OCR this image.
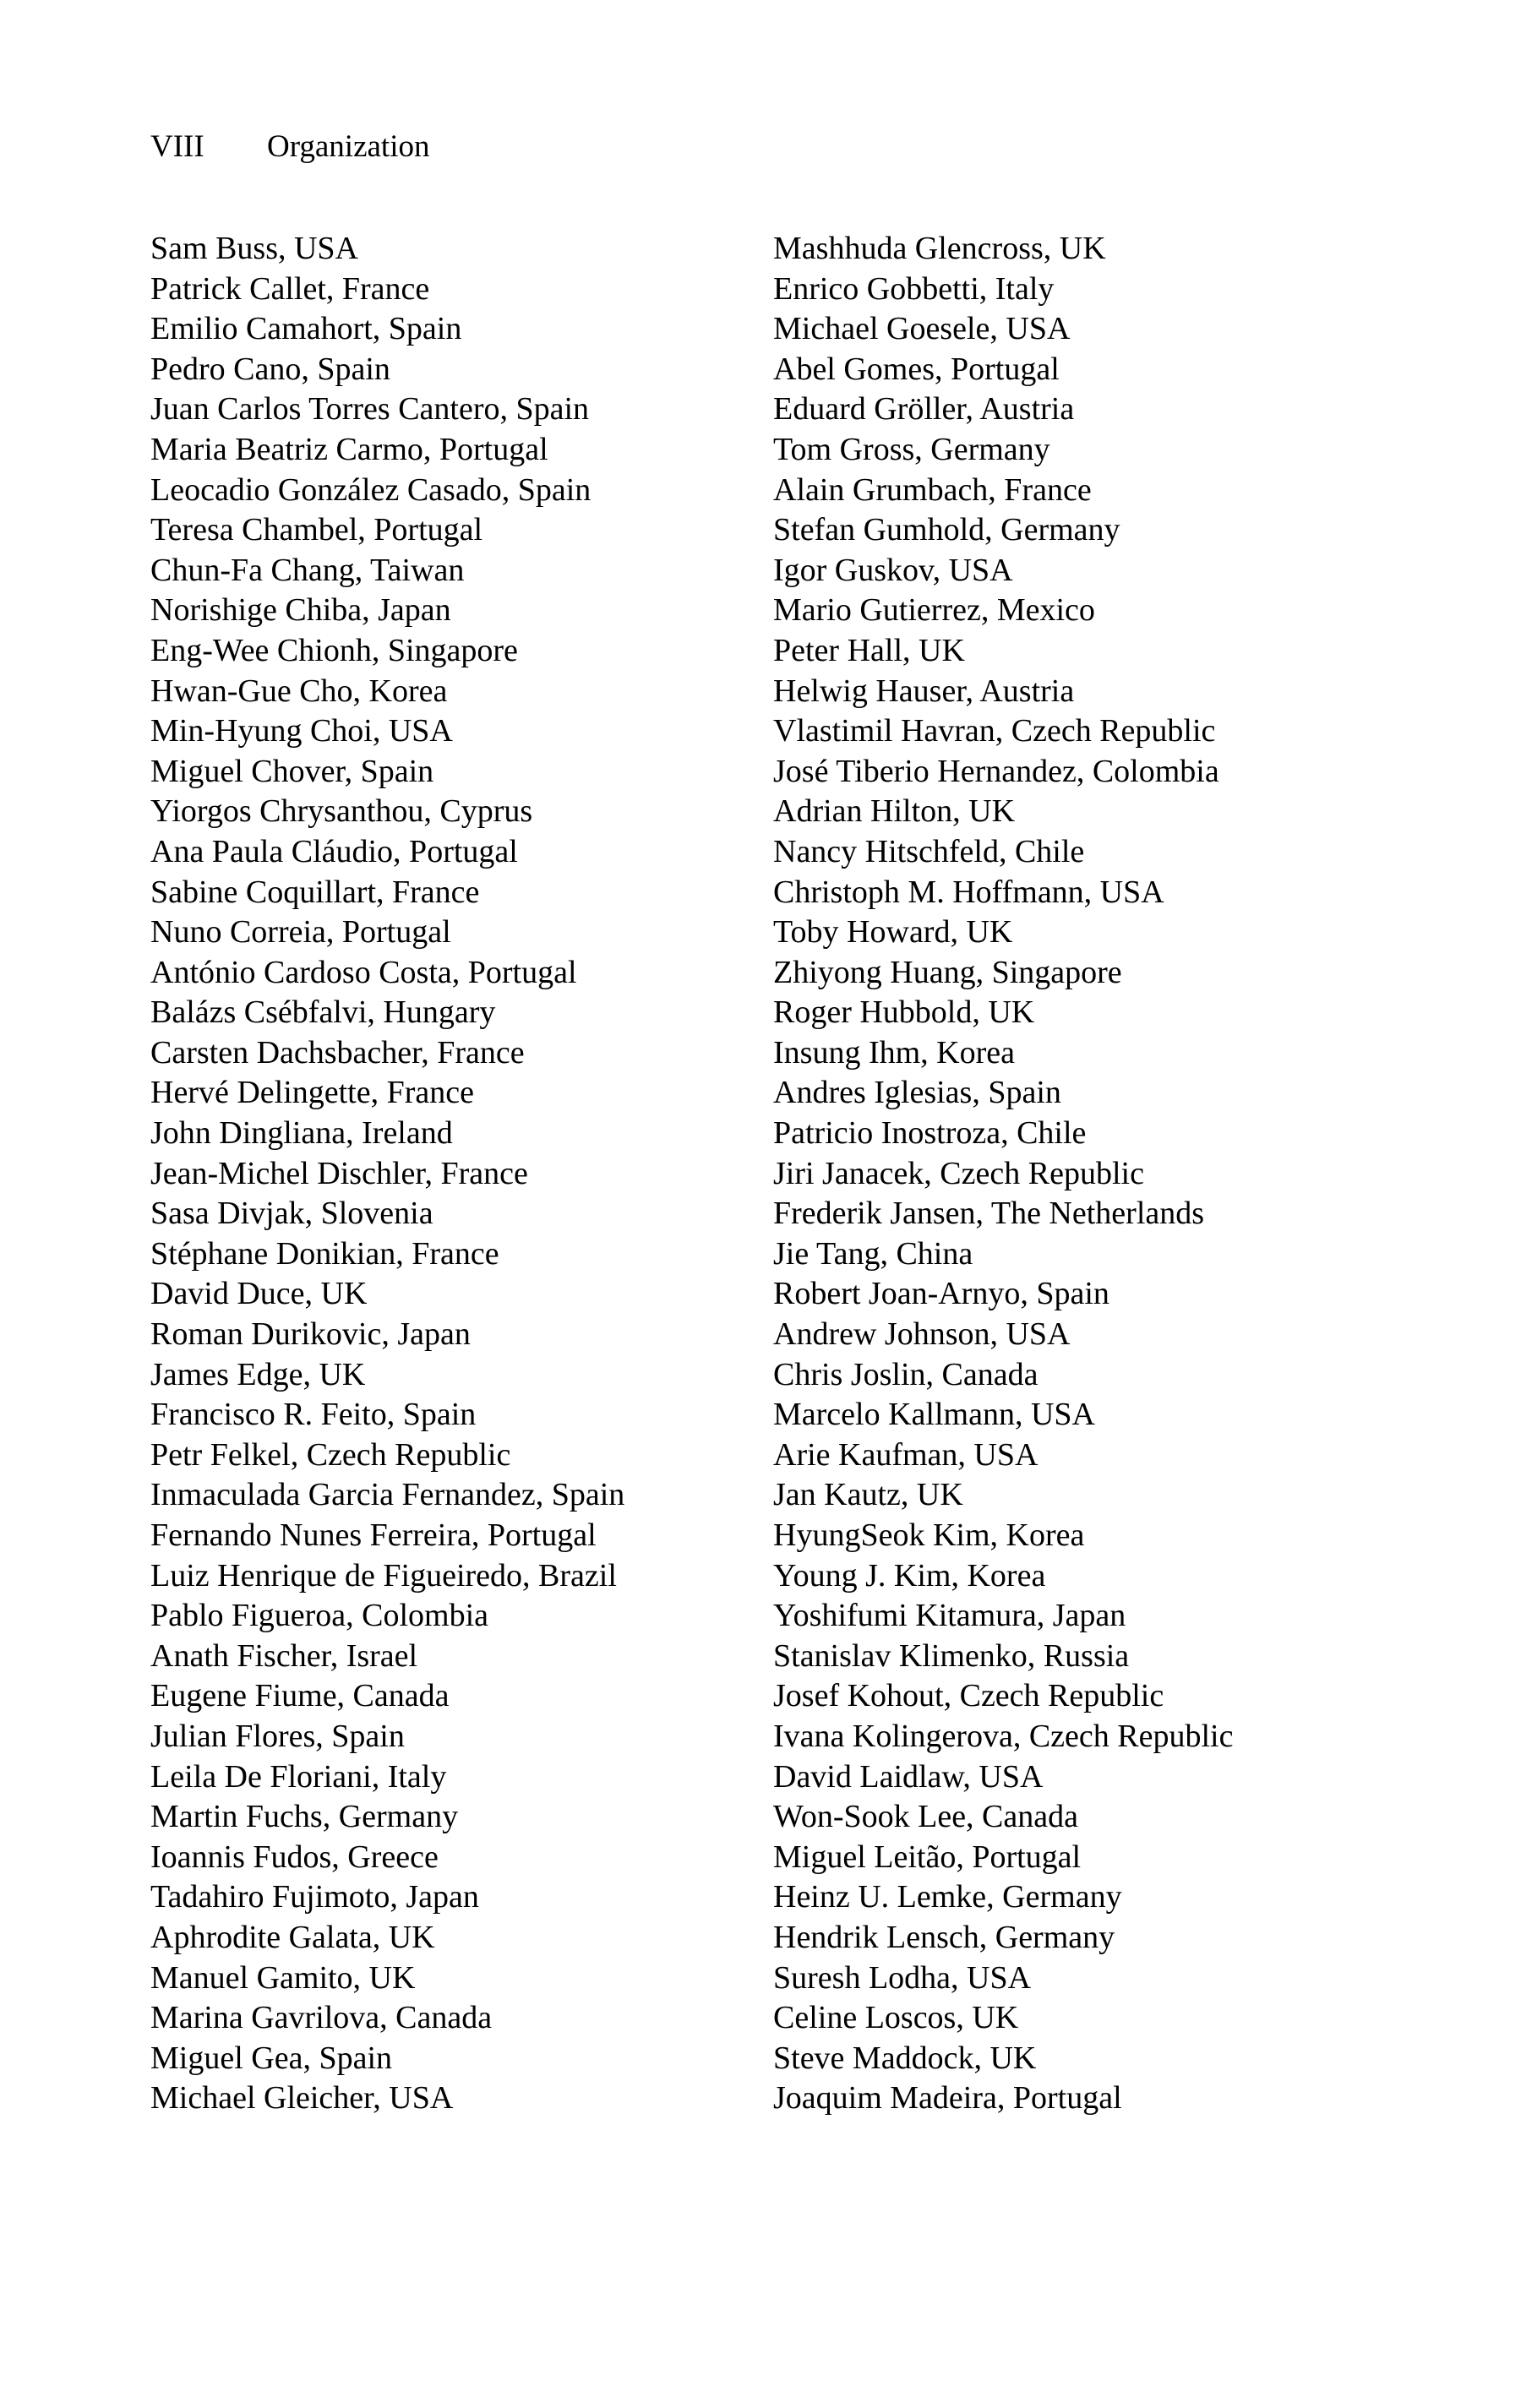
VIII Organization
Sam Buss, USA
Patrick Callet, France
Emilio Camahort, Spain
Pedro Cano, Spain
Juan Carlos Torres Cantero, Spain
Maria Beatriz Carmo, Portugal
Leocadio González Casado, Spain
Teresa Chambel, Portugal
Chun-Fa Chang, Taiwan
Norishige Chiba, Japan
Eng-Wee Chionh, Singapore
Hwan-Gue Cho, Korea
Min-Hyung Choi, USA
Miguel Chover, Spain
Yiorgos Chrysanthou, Cyprus
Ana Paula Cláudio, Portugal
Sabine Coquillart, France
Nuno Correia, Portugal
António Cardoso Costa, Portugal
Balázs Csébfalvi, Hungary
Carsten Dachsbacher, France
Hervé Delingette, France
John Dingliana, Ireland
Jean-Michel Dischler, France
Sasa Divjak, Slovenia
Stéphane Donikian, France
David Duce, UK
Roman Durikovic, Japan
James Edge, UK
Francisco R. Feito, Spain
Petr Felkel, Czech Republic
Inmaculada Garcia Fernandez, Spain
Fernando Nunes Ferreira, Portugal
Luiz Henrique de Figueiredo, Brazil
Pablo Figueroa, Colombia
Anath Fischer, Israel
Eugene Fiume, Canada
Julian Flores, Spain
Leila De Floriani, Italy
Martin Fuchs, Germany
Ioannis Fudos, Greece
Tadahiro Fujimoto, Japan
Aphrodite Galata, UK
Manuel Gamito, UK
Marina Gavrilova, Canada
Miguel Gea, Spain
Michael Gleicher, USA
Mashhuda Glencross, UK
Enrico Gobbetti, Italy
Michael Goesele, USA
Abel Gomes, Portugal
Eduard Gröller, Austria
Tom Gross, Germany
Alain Grumbach, France
Stefan Gumhold, Germany
Igor Guskov, USA
Mario Gutierrez, Mexico
Peter Hall, UK
Helwig Hauser, Austria
Vlastimil Havran, Czech Republic
José Tiberio Hernandez, Colombia
Adrian Hilton, UK
Nancy Hitschfeld, Chile
Christoph M. Hoffmann, USA
Toby Howard, UK
Zhiyong Huang, Singapore
Roger Hubbold, UK
Insung Ihm, Korea
Andres Iglesias, Spain
Patricio Inostroza, Chile
Jiri Janacek, Czech Republic
Frederik Jansen, The Netherlands
Jie Tang, China
Robert Joan-Arnyo, Spain
Andrew Johnson, USA
Chris Joslin, Canada
Marcelo Kallmann, USA
Arie Kaufman, USA
Jan Kautz, UK
HyungSeok Kim, Korea
Young J. Kim, Korea
Yoshifumi Kitamura, Japan
Stanislav Klimenko, Russia
Josef Kohout, Czech Republic
Ivana Kolingerova, Czech Republic
David Laidlaw, USA
Won-Sook Lee, Canada
Miguel Leitão, Portugal
Heinz U. Lemke, Germany
Hendrik Lensch, Germany
Suresh Lodha, USA
Celine Loscos, UK
Steve Maddock, UK
Joaquim Madeira, Portugal
